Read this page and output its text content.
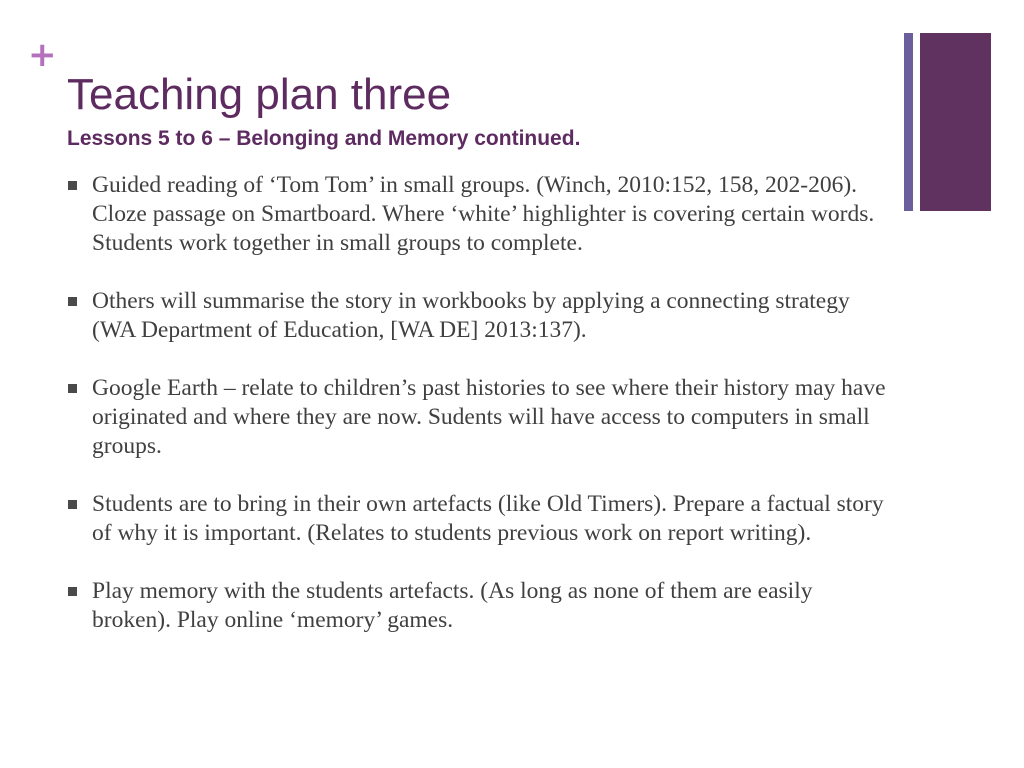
+
Teaching plan three
Lessons 5 to 6 – Belonging and Memory continued.
Guided reading of ‘Tom Tom’ in small groups. (Winch, 2010:152, 158, 202-206). Cloze passage on Smartboard. Where ‘white’ highlighter is covering certain words. Students work together in small groups to complete.
Others will summarise the story in workbooks by applying a connecting strategy (WA Department of Education, [WA DE] 2013:137).
Google Earth – relate to children’s past histories to see where their history may have originated and where they are now. Sudents will have access to computers in small groups.
Students are to bring in their own artefacts (like Old Timers). Prepare a factual story of why it is important. (Relates to students previous work on report writing).
Play memory with the students artefacts. (As long as none of them are easily broken). Play online ‘memory’ games.
